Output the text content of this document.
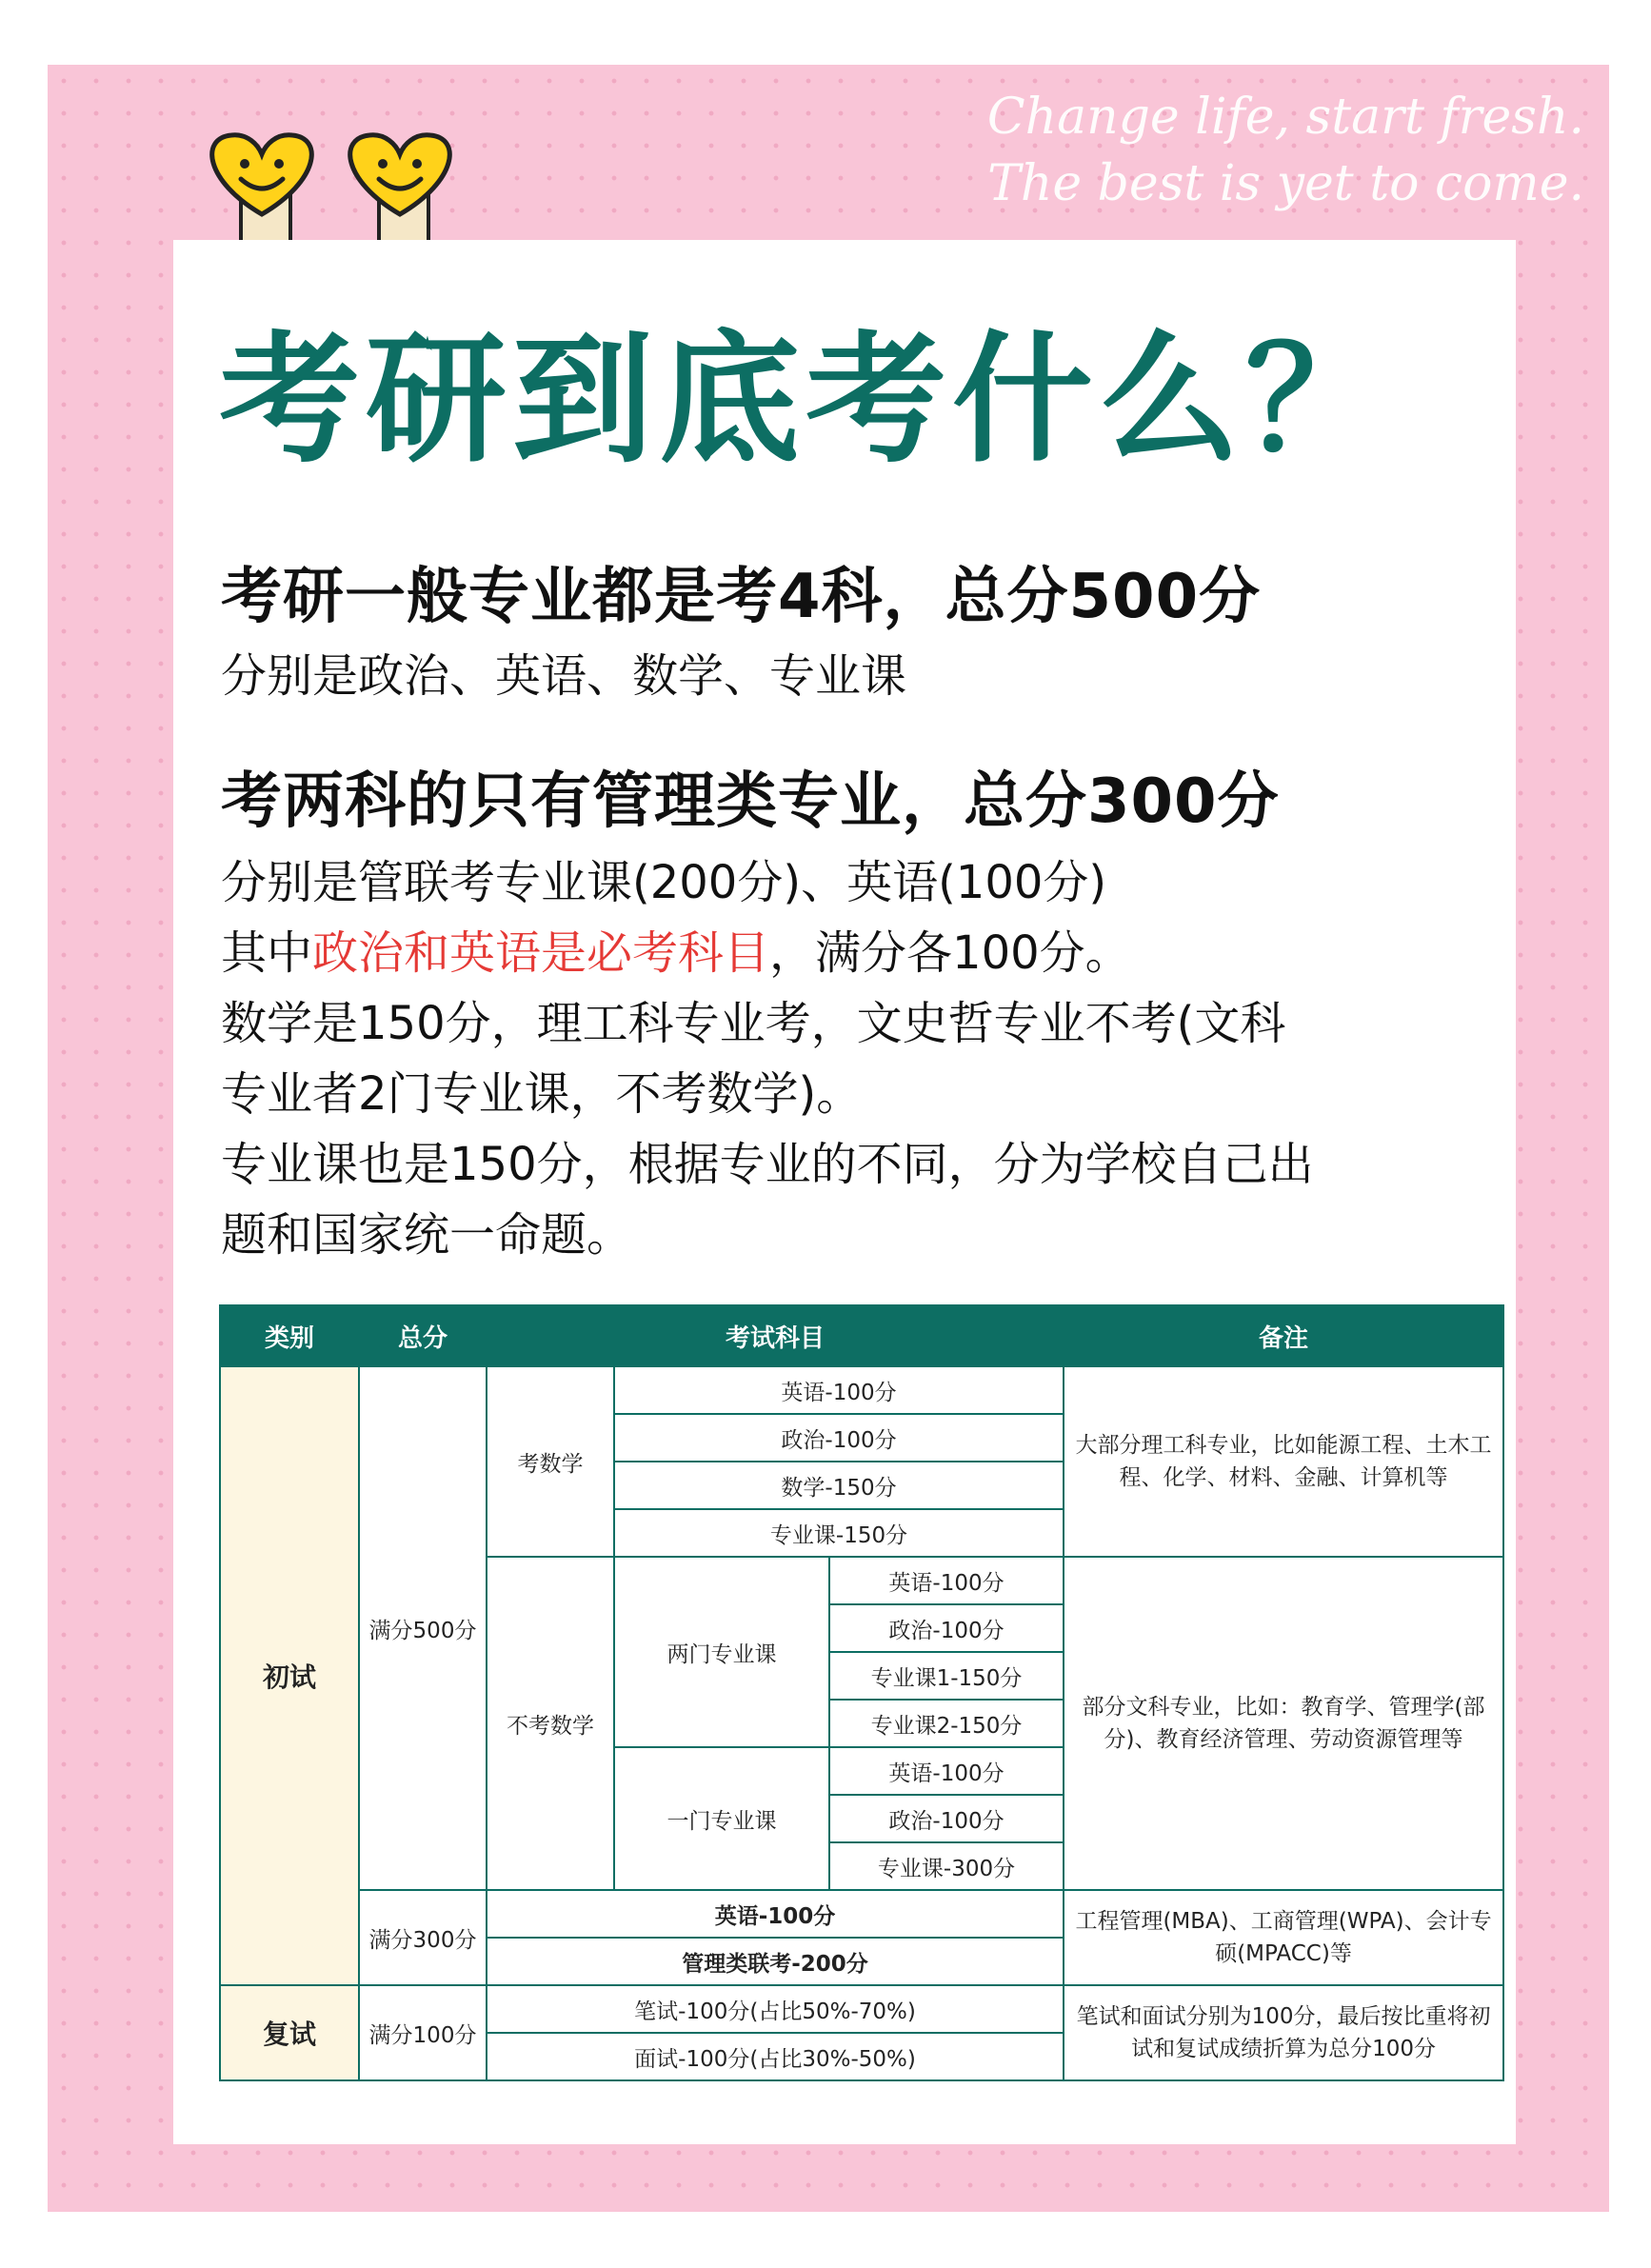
Change life, start fresh.
The best is yet to come.
考研到底考什么？
考研一般专业都是考4科，总分500分
分别是政治、英语、数学、专业课
考两科的只有管理类专业，总分300分
分别是管联考专业课(200分)、英语(100分)
其中政治和英语是必考科目，满分各100分。
数学是150分，理工科专业考，文史哲专业不考(文科
专业者2门专业课，不考数学)。
专业课也是150分，根据专业的不同，分为学校自己出
题和国家统一命题。
类别	总分	考试科目			备注
初试	满分500分	考数学	英语-100分		大部分理工科专业，比如能源工程、土木工程、化学、材料、金融、计算机等
			政治-100分		
			数学-150分		
			专业课-150分		
		不考数学	两门专业课	英语-100分	部分文科专业，比如：教育学、管理学(部分)、教育经济管理、劳动资源管理等
				政治-100分	
				专业课1-150分	
				专业课2-150分	
			一门专业课	英语-100分	
				政治-100分	
				专业课-300分	
	满分300分	英语-100分			工程管理(MBA)、工商管理(WPA)、会计专硕(MPACC)等
		管理类联考-200分			
复试	满分100分	笔试-100分(占比50%-70%)			笔试和面试分别为100分，最后按比重将初试和复试成绩折算为总分100分
		面试-100分(占比30%-50%)			
